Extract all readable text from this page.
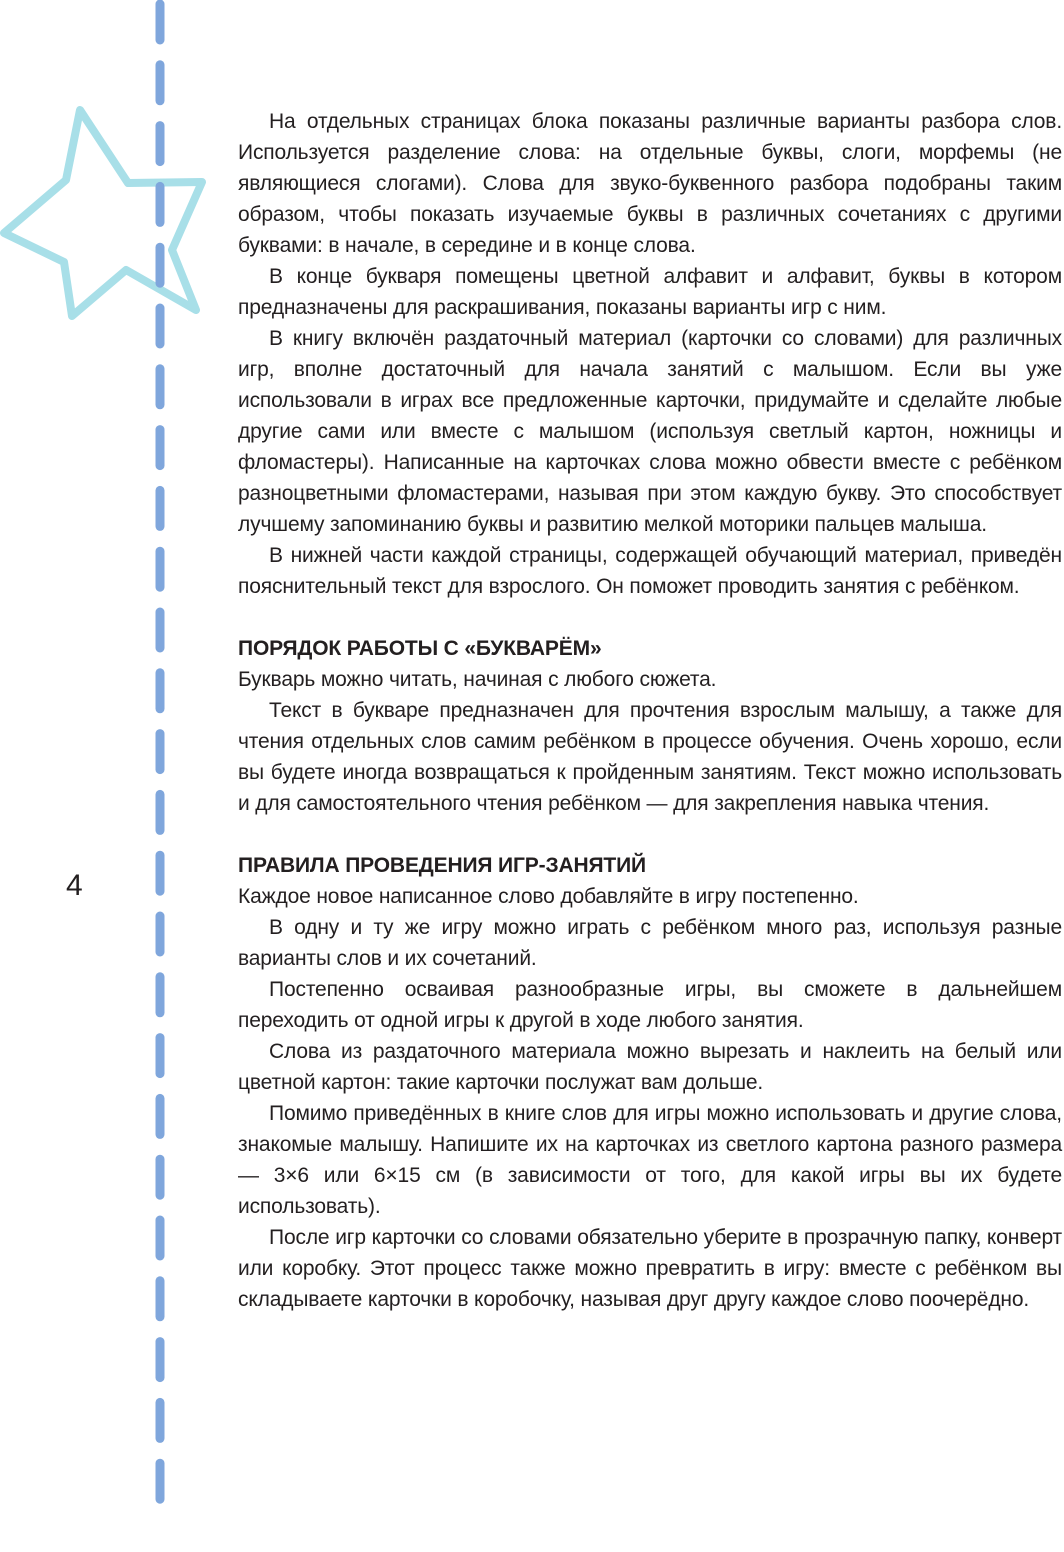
4

На отдельных страницах блока показаны различные варианты разбора слов. Используется разделение слова: на отдельные буквы, слоги, морфемы (не являющиеся слогами). Слова для звуко-буквенного разбора подобраны таким образом, чтобы показать изучаемые буквы в различных сочетаниях с другими буквами: в начале, в середине и в конце слова.

В конце букваря помещены цветной алфавит и алфавит, буквы в котором предназначены для раскрашивания, показаны варианты игр с ним.

В книгу включён раздаточный материал (карточки со словами) для различных игр, вполне достаточный для начала занятий с малышом. Если вы уже использовали в играх все предложенные карточки, придумайте и сделайте любые другие сами или вместе с малышом (используя светлый картон, ножницы и фломастеры). Написанные на карточках слова можно обвести вместе с ребёнком разноцветными фломастерами, называя при этом каждую букву. Это способствует лучшему запоминанию буквы и развитию мелкой моторики пальцев малыша.

В нижней части каждой страницы, содержащей обучающий материал, приведён пояснительный текст для взрослого. Он поможет проводить занятия с ребёнком.

ПОРЯДОК РАБОТЫ С «БУКВАРЁМ»

Букварь можно читать, начиная с любого сюжета.

Текст в букваре предназначен для прочтения взрослым малышу, а также для чтения отдельных слов самим ребёнком в процессе обучения. Очень хорошо, если вы будете иногда возвращаться к пройденным занятиям. Текст можно использовать и для самостоятельного чтения ребёнком — для закрепления навыка чтения.

ПРАВИЛА ПРОВЕДЕНИЯ ИГР-ЗАНЯТИЙ

Каждое новое написанное слово добавляйте в игру постепенно.

В одну и ту же игру можно играть с ребёнком много раз, используя разные варианты слов и их сочетаний.

Постепенно осваивая разнообразные игры, вы сможете в дальнейшем переходить от одной игры к другой в ходе любого занятия.

Слова из раздаточного материала можно вырезать и наклеить на белый или цветной картон: такие карточки послужат вам дольше.

Помимо приведённых в книге слов для игры можно использовать и другие слова, знакомые малышу. Напишите их на карточках из светлого картона разного размера — 3×6 или 6×15 см (в зависимости от того, для какой игры вы их будете использовать).

После игр карточки со словами обязательно уберите в прозрачную папку, конверт или коробку. Этот процесс также можно превратить в игру: вместе с ребёнком вы складываете карточки в коробочку, называя друг другу каждое слово поочерёдно.
